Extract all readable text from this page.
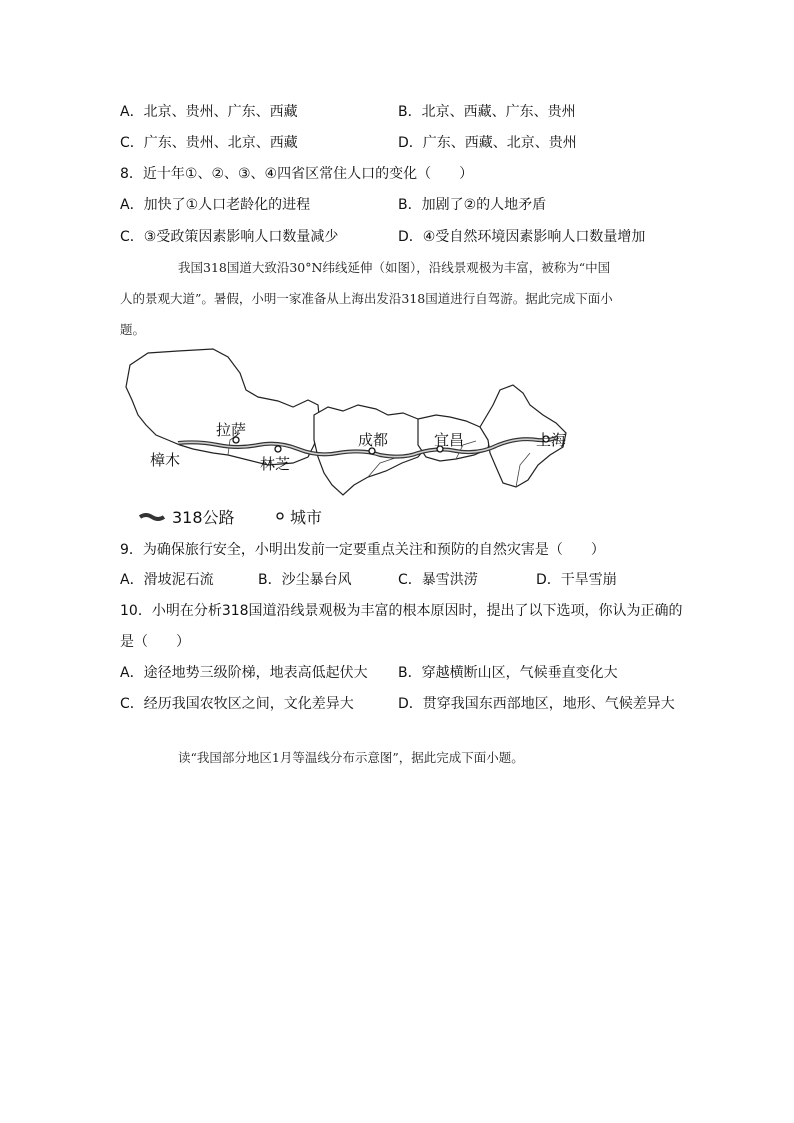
A．北京、贵州、广东、西藏	B．北京、西藏、广东、贵州
C．广东、贵州、北京、西藏	D．广东、西藏、北京、贵州
8．近十年①、②、③、④四省区常住人口的变化（　　）
A．加快了①人口老龄化的进程	B．加剧了②的人地矛盾
C．③受政策因素影响人口数量减少	D．④受自然环境因素影响人口数量增加
我国318国道大致沿30°N纬线延伸（如图），沿线景观极为丰富，被称为“中国
人的景观大道”。暑假，小明一家准备从上海出发沿318国道进行自驾游。据此完成下面小
题。
拉萨
樟木	林芝
成都	宜昌	上海
318公路	城市
9．为确保旅行安全，小明出发前一定要重点关注和预防的自然灾害是（　　）
A．滑坡泥石流	B．沙尘暴台风	C．暴雪洪涝	D．干旱雪崩
10．小明在分析318国道沿线景观极为丰富的根本原因时，提出了以下选项，你认为正确的
是（　　）
A．途径地势三级阶梯，地表高低起伏大 B．穿越横断山区，气候垂直变化大
C．经历我国农牧区之间，文化差异大	D．贯穿我国东西部地区，地形、气候差异大
读“我国部分地区1月等温线分布示意图”，据此完成下面小题。
